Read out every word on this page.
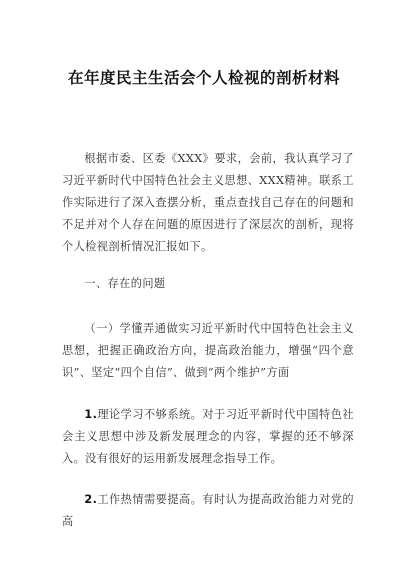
在年度民主生活会个人检视的剖析材料

根据市委、区委《XXX》要求，会前，我认真学习了习近平新时代中国特色社会主义思想、XXX精神。联系工作实际进行了深入查摆分析，重点查找自己存在的问题和不足并对个人存在问题的原因进行了深层次的剖析，现将个人检视剖析情况汇报如下。

一、存在的问题

（一）学懂弄通做实习近平新时代中国特色社会主义思想，把握正确政治方向，提高政治能力，增强“四个意识”、坚定“四个自信”、做到“两个维护”方面

1.理论学习不够系统。对于习近平新时代中国特色社会主义思想中涉及新发展理念的内容，掌握的还不够深入。没有很好的运用新发展理念指导工作。

2.工作热情需要提高。有时认为提高政治能力对党的高
